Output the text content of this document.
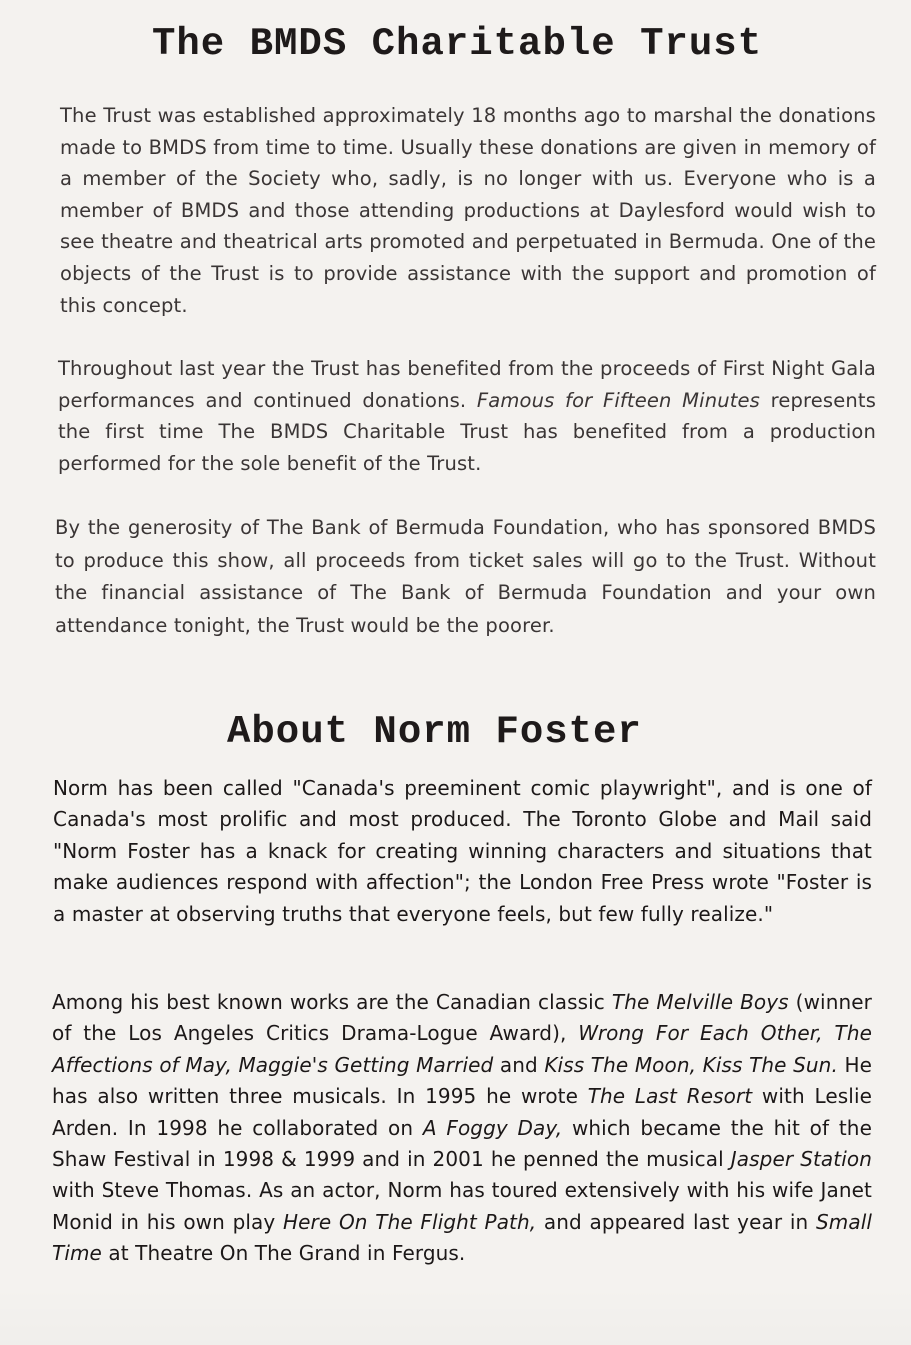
The BMDS Charitable Trust

The Trust was established approximately 18 months ago to marshal the donations made to BMDS from time to time. Usually these donations are given in memory of a member of the Society who, sadly, is no longer with us. Everyone who is a member of BMDS and those attending productions at Daylesford would wish to see theatre and theatrical arts promoted and perpetuated in Bermuda. One of the objects of the Trust is to provide assistance with the support and promotion of this concept.

Throughout last year the Trust has benefited from the proceeds of First Night Gala performances and continued donations. Famous for Fifteen Minutes represents the first time The BMDS Charitable Trust has benefited from a production performed for the sole benefit of the Trust.

By the generosity of The Bank of Bermuda Foundation, who has sponsored BMDS to produce this show, all proceeds from ticket sales will go to the Trust. Without the financial assistance of The Bank of Bermuda Foundation and your own attendance tonight, the Trust would be the poorer.

About Norm Foster

Norm has been called "Canada's preeminent comic playwright", and is one of Canada's most prolific and most produced. The Toronto Globe and Mail said "Norm Foster has a knack for creating winning characters and situations that make audiences respond with affection"; the London Free Press wrote "Foster is a master at observing truths that everyone feels, but few fully realize."

Among his best known works are the Canadian classic The Melville Boys (winner of the Los Angeles Critics Drama-Logue Award), Wrong For Each Other, The Affections of May, Maggie's Getting Married and Kiss The Moon, Kiss The Sun. He has also written three musicals. In 1995 he wrote The Last Resort with Leslie Arden. In 1998 he collaborated on A Foggy Day, which became the hit of the Shaw Festival in 1998 & 1999 and in 2001 he penned the musical Jasper Station with Steve Thomas. As an actor, Norm has toured extensively with his wife Janet Monid in his own play Here On The Flight Path, and appeared last year in Small Time at Theatre On The Grand in Fergus.
